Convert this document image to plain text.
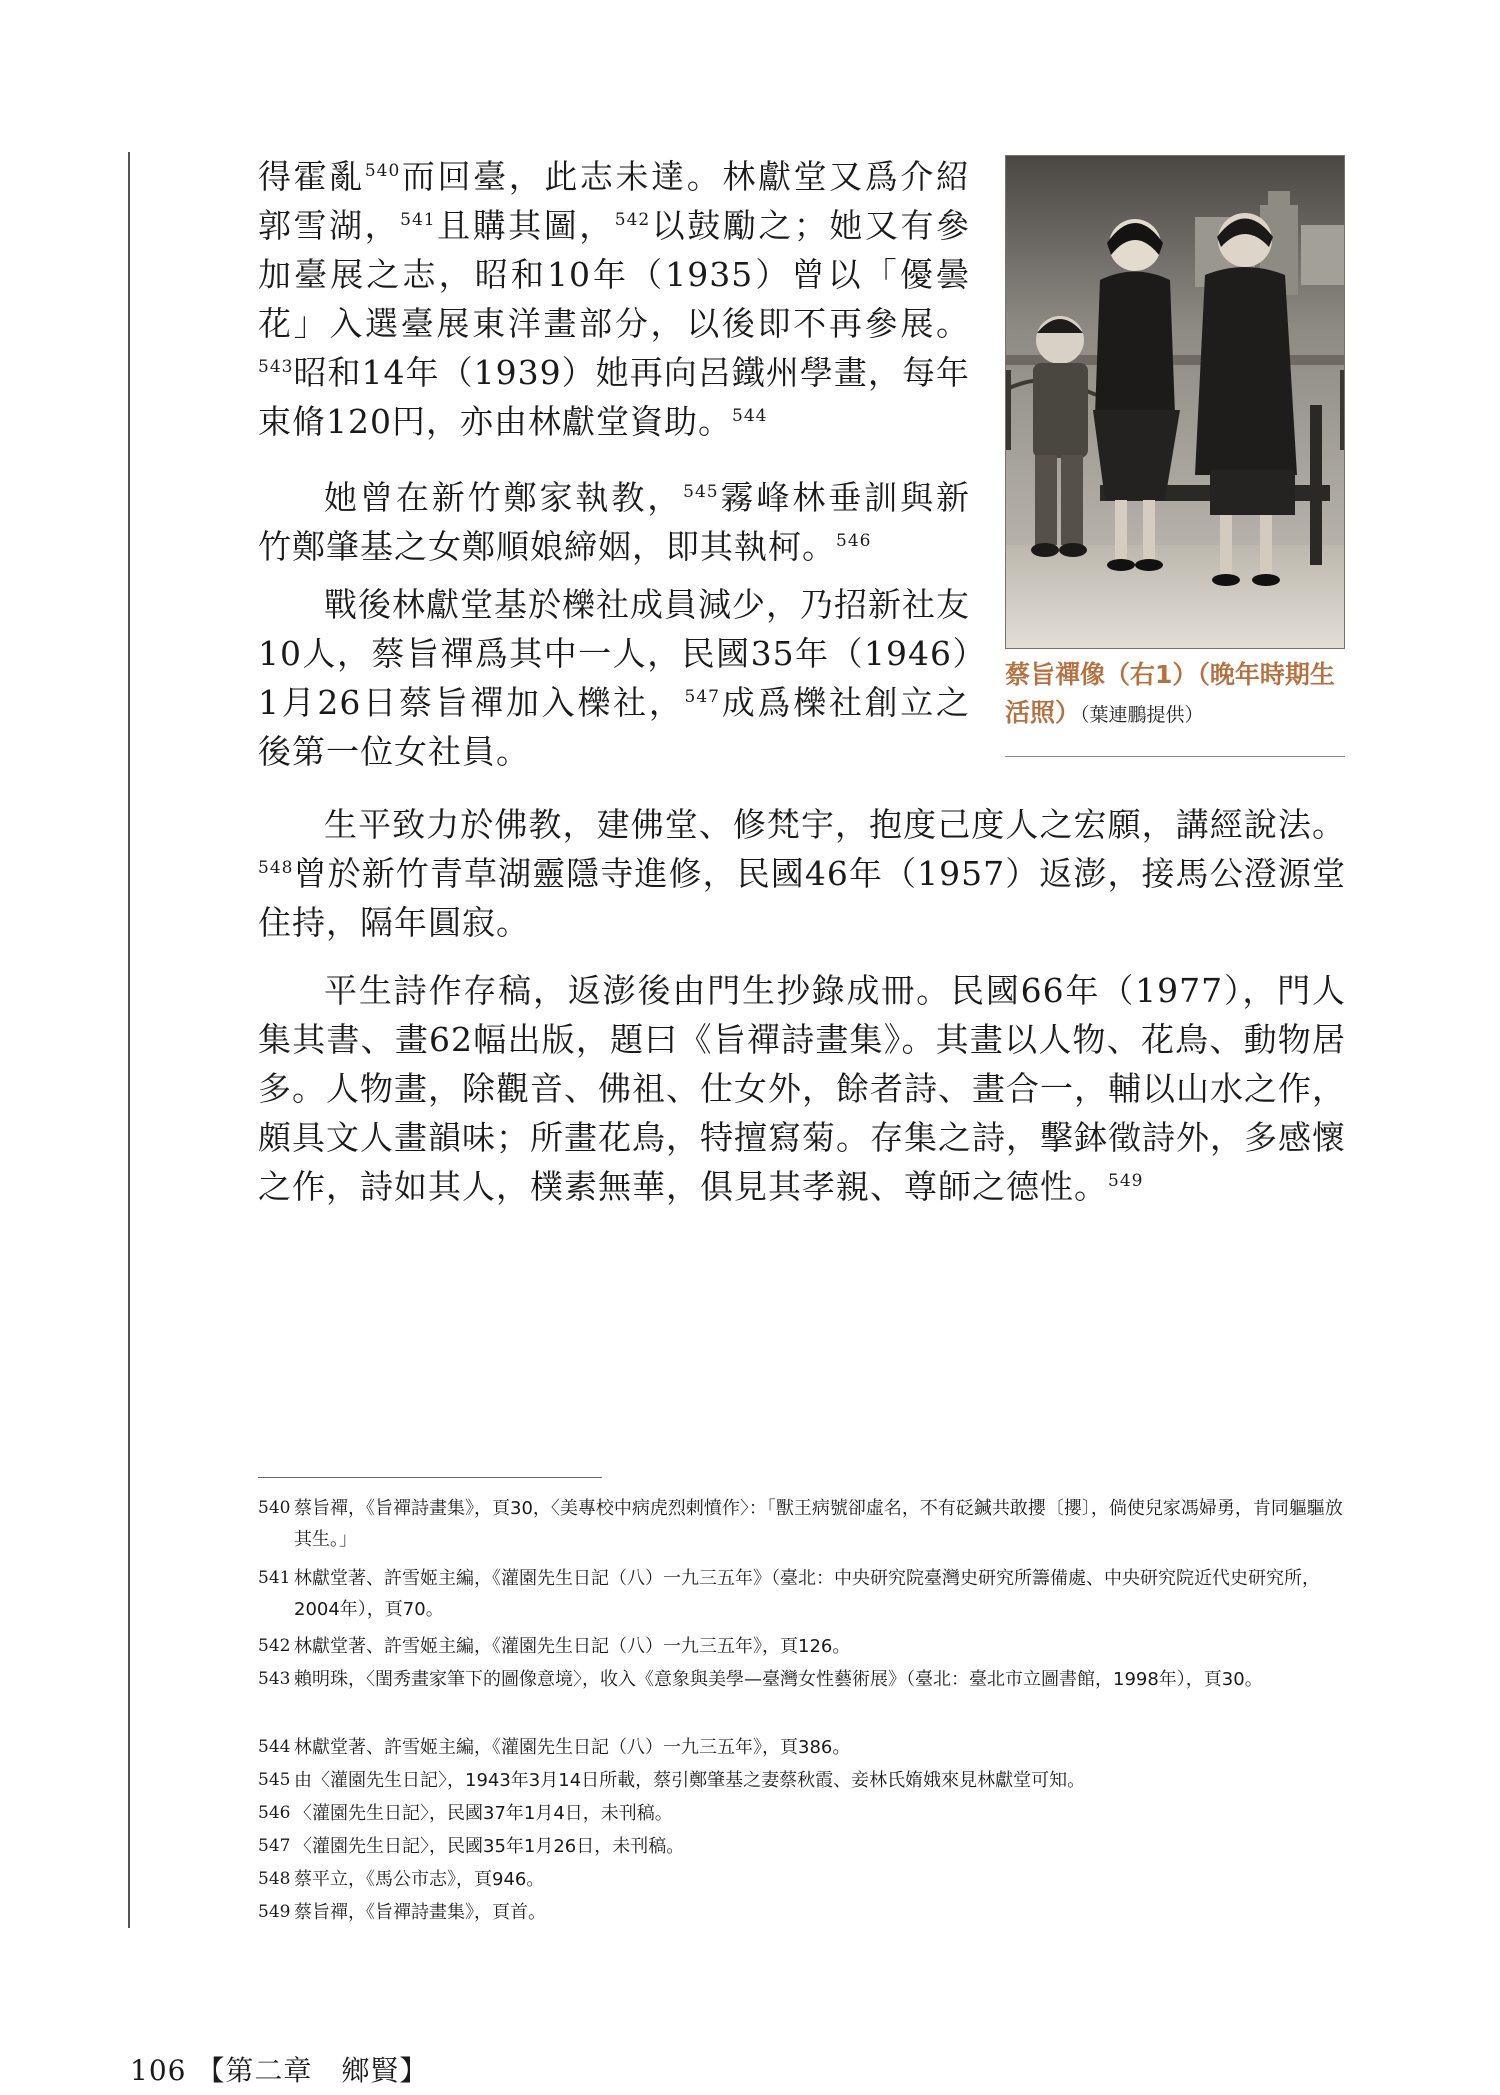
得霍亂$^{540}$而回臺，此志未達。林獻堂又爲介紹郭雪湖，$^{541}$且購其圖，$^{542}$以鼓勵之；她又有參加臺展之志，昭和10年（1935）曾以「優曇花」入選臺展東洋畫部分，以後即不再參展。$^{543}$昭和14年（1939）她再向呂鐵州學畫，每年束脩120円，亦由林獻堂資助。$^{544}$

她曾在新竹鄭家執教，$^{545}$霧峰林垂訓與新竹鄭肇基之女鄭順娘締姻，即其執柯。$^{546}$

戰後林獻堂基於櫟社成員減少，乃招新社友10人，蔡旨禪爲其中一人，民國35年（1946）1月26日蔡旨禪加入櫟社，$^{547}$成爲櫟社創立之後第一位女社員。

生平致力於佛教，建佛堂、修梵宇，抱度己度人之宏願，講經說法。$^{548}$曾於新竹青草湖靈隱寺進修，民國46年（1957）返澎，接馬公澄源堂住持，隔年圓寂。

平生詩作存稿，返澎後由門生抄錄成冊。民國66年（1977），門人集其書、畫62幅出版，題曰《旨禪詩畫集》。其畫以人物、花鳥、動物居多。人物畫，除觀音、佛祖、仕女外，餘者詩、畫合一，輔以山水之作，頗具文人畫韻味；所畫花鳥，特擅寫菊。存集之詩，擊鉢徵詩外，多感懷之作，詩如其人，樸素無華，俱見其孝親、尊師之德性。$^{549}$

蔡旨禪像（右1）（晚年時期生活照）（葉連鵬提供）
540 蔡旨禪，《旨禪詩畫集》，頁30，〈美專校中病虎烈剌憤作〉：「獸王病號卻虛名，不有砭鍼共敢攖〔攖〕，倘使兒家馮婦勇，肯同軀驅放其生。」
541 林獻堂著、許雪姬主編，《灌園先生日記（八）一九三五年》（臺北：中央研究院臺灣史研究所籌備處、中央研究院近代史研究所，2004年），頁70。
542 林獻堂著、許雪姬主編，《灌園先生日記（八）一九三五年》，頁126。
543 賴明珠，〈閨秀畫家筆下的圖像意境〉，收入《意象與美學—臺灣女性藝術展》（臺北：臺北市立圖書館，1998年），頁30。
544 林獻堂著、許雪姬主編，《灌園先生日記（八）一九三五年》，頁386。
545 由〈灌園先生日記〉，1943年3月14日所載，蔡引鄭肇基之妻蔡秋霞、妾林氏媠娥來見林獻堂可知。
546 〈灌園先生日記〉，民國37年1月4日，未刊稿。
547 〈灌園先生日記〉，民國35年1月26日，未刊稿。
548 蔡平立，《馬公市志》，頁946。
549 蔡旨禪，《旨禪詩畫集》，頁首。
106 【第二章　鄉賢】
